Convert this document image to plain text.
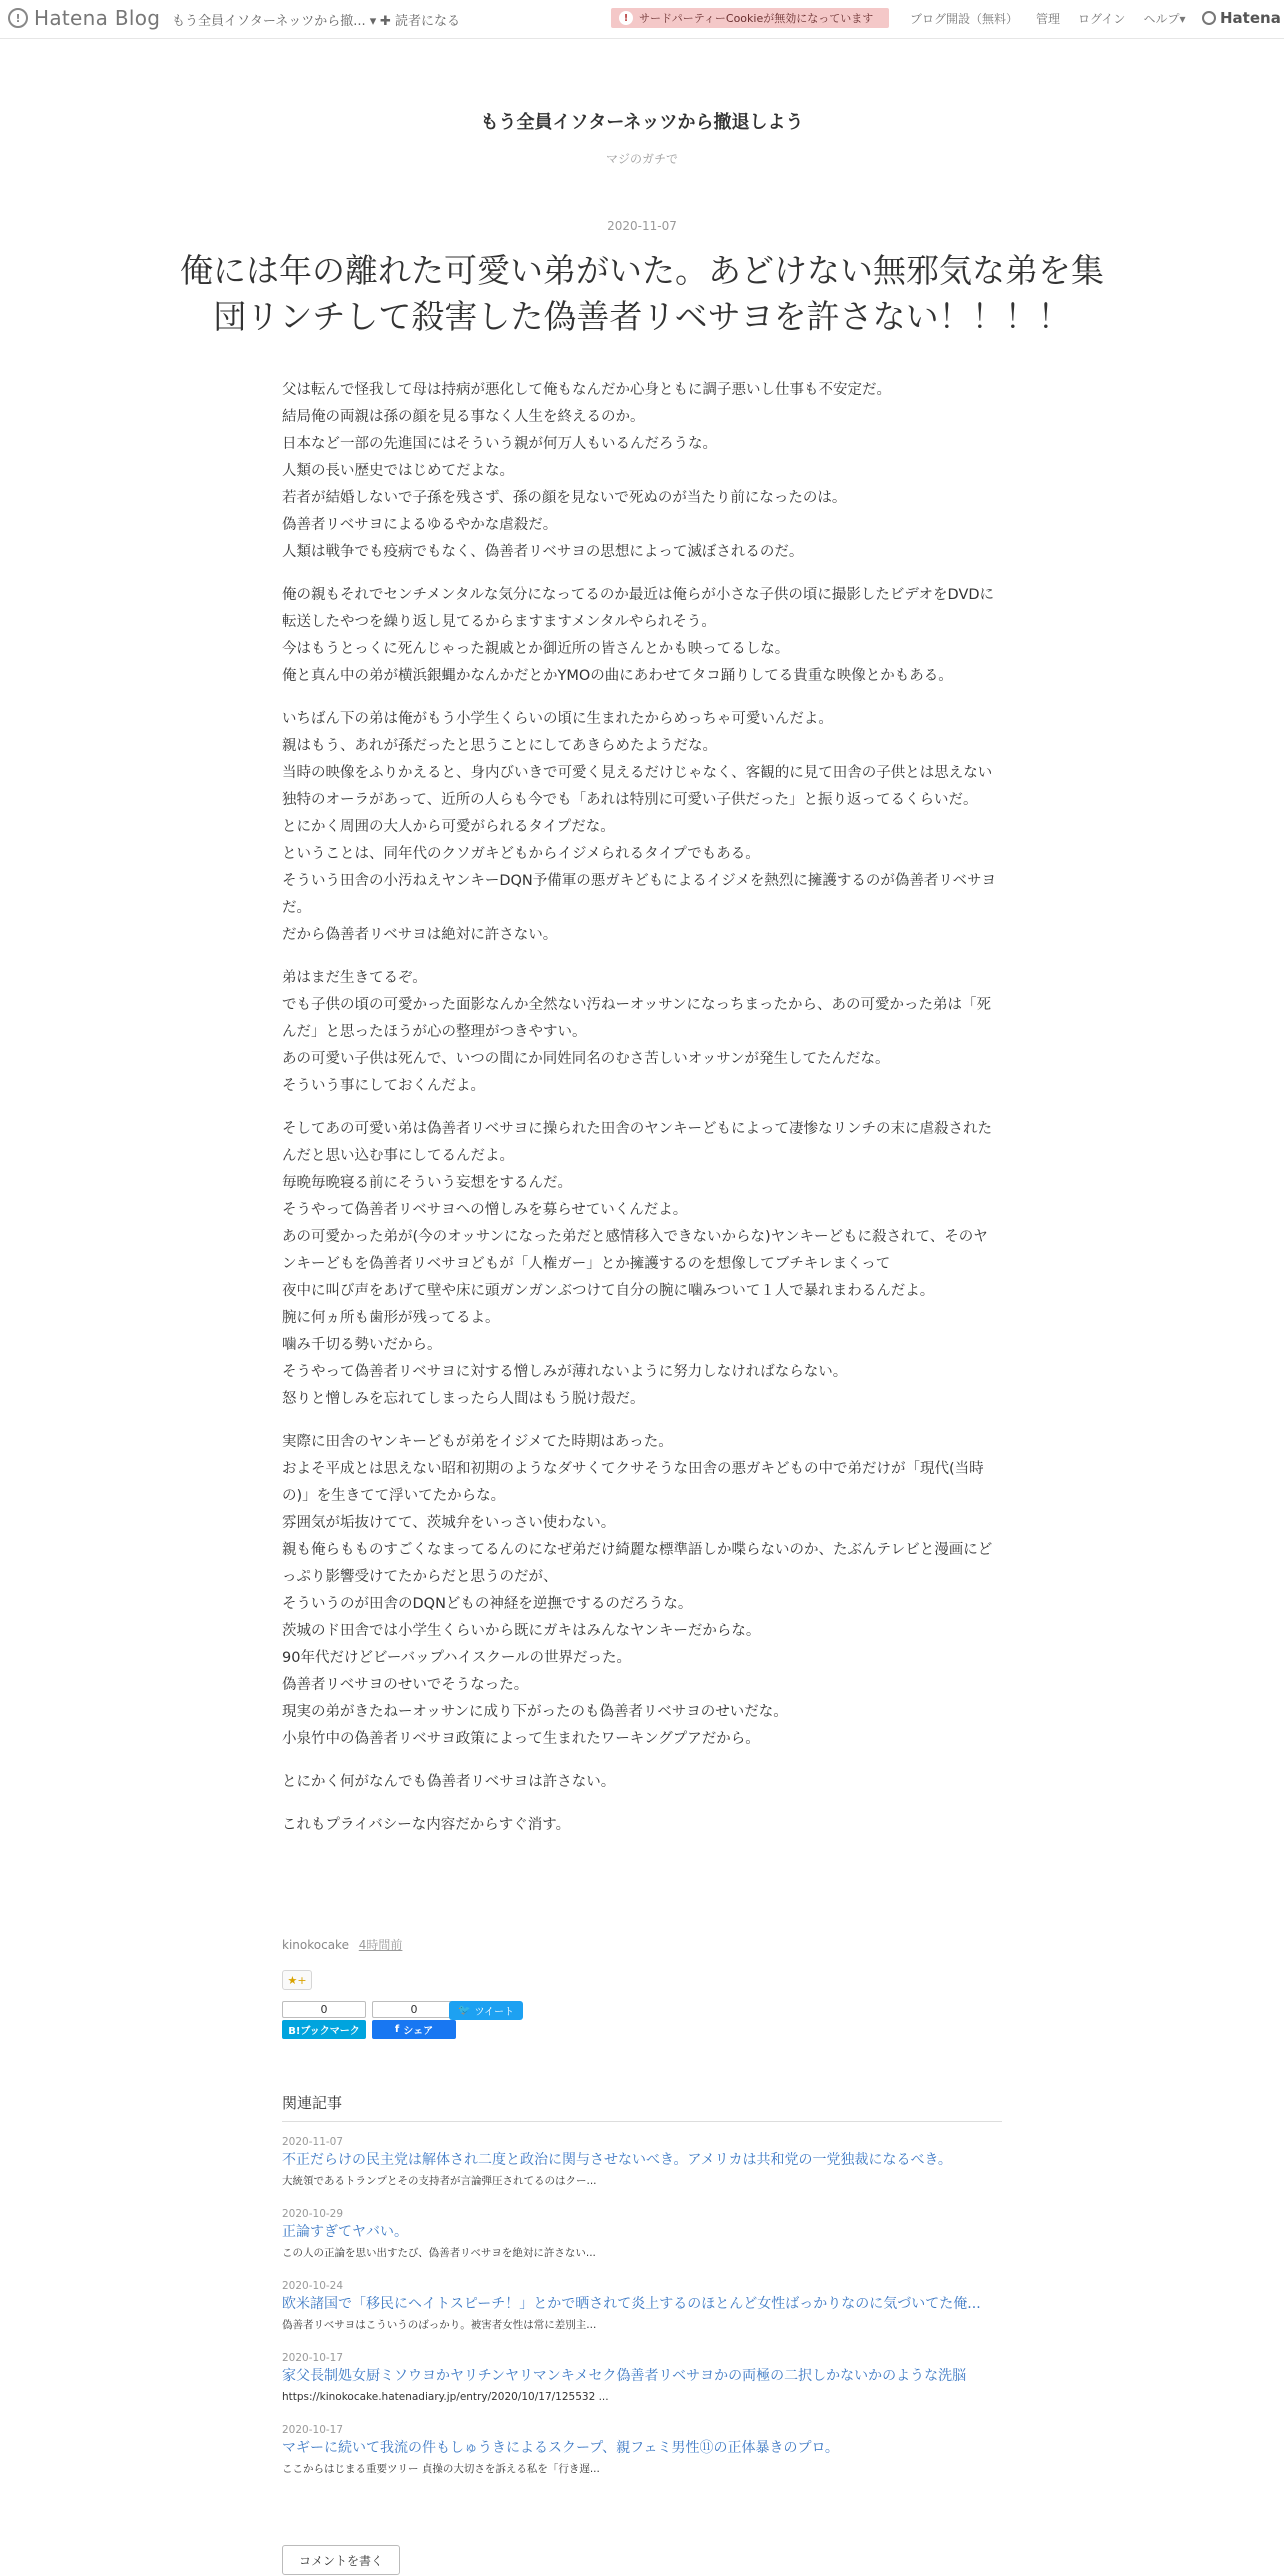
! Hatena Blog もう全員イソターネッツから撤... ▾ ✚ 読者になる	! サードパーティーCookieが無効になっています	ブログ開設（無料） 管理 ログイン ヘルプ▾ Hatena
もう全員イソターネッツから撤退しよう
マジのガチで
2020-11-07
俺には年の離れた可愛い弟がいた。あどけない無邪気な弟を集団リンチして殺害した偽善者リベサヨを許さない！！！！

父は転んで怪我して母は持病が悪化して俺もなんだか心身ともに調子悪いし仕事も不安定だ。
結局俺の両親は孫の顔を見る事なく人生を終えるのか。
日本など一部の先進国にはそういう親が何万人もいるんだろうな。
人類の長い歴史ではじめてだよな。
若者が結婚しないで子孫を残さず、孫の顔を見ないで死ぬのが当たり前になったのは。
偽善者リベサヨによるゆるやかな虐殺だ。
人類は戦争でも疫病でもなく、偽善者リベサヨの思想によって滅ぼされるのだ。

俺の親もそれでセンチメンタルな気分になってるのか最近は俺らが小さな子供の頃に撮影したビデオをDVDに転送したやつを繰り返し見てるからますますメンタルやられそう。
今はもうとっくに死んじゃった親戚とか御近所の皆さんとかも映ってるしな。
俺と真ん中の弟が横浜銀蝿かなんかだとかYMOの曲にあわせてタコ踊りしてる貴重な映像とかもある。

いちばん下の弟は俺がもう小学生くらいの頃に生まれたからめっちゃ可愛いんだよ。
親はもう、あれが孫だったと思うことにしてあきらめたようだな。
当時の映像をふりかえると、身内びいきで可愛く見えるだけじゃなく、客観的に見て田舎の子供とは思えない独特のオーラがあって、近所の人らも今でも「あれは特別に可愛い子供だった」と振り返ってるくらいだ。
とにかく周囲の大人から可愛がられるタイプだな。
ということは、同年代のクソガキどもからイジメられるタイプでもある。
そういう田舎の小汚ねえヤンキーDQN予備軍の悪ガキどもによるイジメを熱烈に擁護するのが偽善者リベサヨだ。
だから偽善者リベサヨは絶対に許さない。

弟はまだ生きてるぞ。
でも子供の頃の可愛かった面影なんか全然ない汚ねーオッサンになっちまったから、あの可愛かった弟は「死んだ」と思ったほうが心の整理がつきやすい。
あの可愛い子供は死んで、いつの間にか同姓同名のむさ苦しいオッサンが発生してたんだな。
そういう事にしておくんだよ。

そしてあの可愛い弟は偽善者リベサヨに操られた田舎のヤンキーどもによって凄惨なリンチの末に虐殺されたんだと思い込む事にしてるんだよ。
毎晩毎晩寝る前にそういう妄想をするんだ。
そうやって偽善者リベサヨへの憎しみを募らせていくんだよ。
あの可愛かった弟が(今のオッサンになった弟だと感情移入できないからな)ヤンキーどもに殺されて、そのヤンキーどもを偽善者リベサヨどもが「人権ガー」とか擁護するのを想像してブチキレまくって
夜中に叫び声をあげて壁や床に頭ガンガンぶつけて自分の腕に噛みついて１人で暴れまわるんだよ。
腕に何ヵ所も歯形が残ってるよ。
噛み千切る勢いだから。
そうやって偽善者リベサヨに対する憎しみが薄れないように努力しなければならない。
怒りと憎しみを忘れてしまったら人間はもう脱け殻だ。

実際に田舎のヤンキーどもが弟をイジメてた時期はあった。
およそ平成とは思えない昭和初期のようなダサくてクサそうな田舎の悪ガキどもの中で弟だけが「現代(当時の)」を生きてて浮いてたからな。
雰囲気が垢抜けてて、茨城弁をいっさい使わない。
親も俺らもものすごくなまってるんのになぜ弟だけ綺麗な標準語しか喋らないのか、たぶんテレビと漫画にどっぷり影響受けてたからだと思うのだが、
そういうのが田舎のDQNどもの神経を逆撫でするのだろうな。
茨城のド田舎では小学生くらいから既にガキはみんなヤンキーだからな。
90年代だけどビーバップハイスクールの世界だった。
偽善者リベサヨのせいでそうなった。
現実の弟がきたねーオッサンに成り下がったのも偽善者リベサヨのせいだな。
小泉竹中の偽善者リベサヨ政策によって生まれたワーキングプアだから。

とにかく何がなんでも偽善者リベサヨは許さない。

これもプライバシーな内容だからすぐ消す。

kinokocake 4時間前
★+
0
B!ブックマーク
0
f シェア
🐦 ツイート
関連記事
2020-11-07
不正だらけの民主党は解体され二度と政治に関与させないべき。アメリカは共和党の一党独裁になるべき。
大統領であるトランプとその支持者が言論弾圧されてるのはクー...
2020-10-29
正論すぎてヤバい。
この人の正論を思い出すたび、偽善者リベサヨを絶対に許さない...
2020-10-24
欧米諸国で「移民にヘイトスピーチ！」とかで晒されて炎上するのほとんど女性ばっかりなのに気づいてた俺...
偽善者リベサヨはこういうのばっかり。被害者女性は常に差別主...
2020-10-17
家父長制処女厨ミソウヨかヤリチンヤリマンキメセク偽善者リベサヨかの両極の二択しかないかのような洗脳
https://kinokocake.hatenadiary.jp/entry/2020/10/17/125532 ...
2020-10-17
マギーに続いて我流の件もしゅうきによるスクープ、親フェミ男性⑪の正体暴きのプロ。
ここからはじまる重要ツリー 貞操の大切さを訴える私を「行き遅...
コメントを書く
